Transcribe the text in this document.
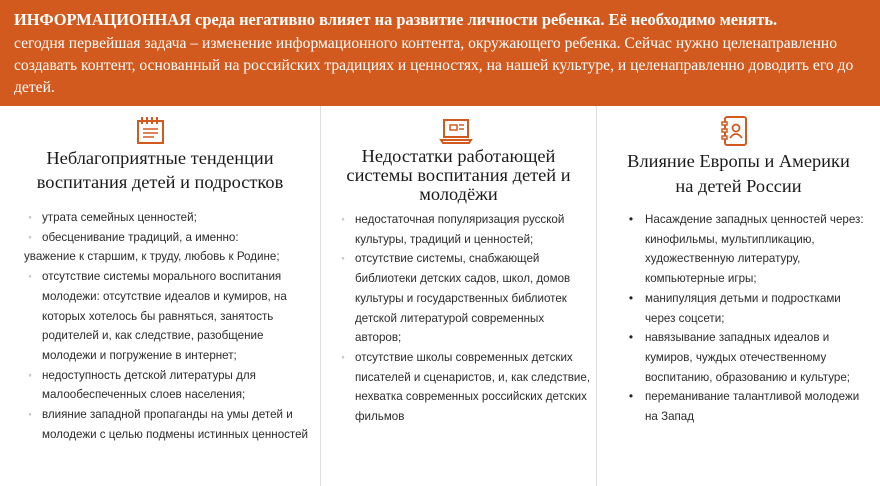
ИНФОРМАЦИОННАЯ среда негативно влияет на развитие личности ребенка. Её необходимо менять.
сегодня первейшая задача – изменение информационного контента, окружающего ребенка. Сейчас нужно целенаправленно создавать контент, основанный на российских традициях и ценностях, на нашей культуре, и целенаправленно доводить его до детей.
Неблагоприятные тенденции
воспитания детей и подростков
◦ утрата семейных ценностей;
◦ обесценивание традиций, а именно:
уважение к старшим, к труду, любовь к Родине;
◦ отсутствие системы морального воспитания молодежи: отсутствие идеалов и кумиров, на которых хотелось бы равняться, занятость родителей и, как следствие, разобщение молодежи и погружение в интернет;
◦ недоступность детской литературы для малообеспеченных слоев населения;
◦ влияние западной пропаганды на умы детей и молодежи с целью подмены истинных ценностей
Недостатки работающей
системы воспитания детей и
молодёжи
◦ недостаточная популяризация русской культуры, традиций и ценностей;
◦ отсутствие системы, снабжающей библиотеки детских садов, школ, домов культуры и государственных библиотек детской литературой современных авторов;
◦ отсутствие школы современных детских писателей и сценаристов, и, как следствие, нехватка современных российских детских фильмов
Влияние Европы и Америки
на детей России
• Насаждение западных ценностей через: кинофильмы, мультипликацию, художественную литературу, компьютерные игры;
• манипуляция детьми и подростками через соцсети;
• навязывание западных идеалов и кумиров, чуждых отечественному воспитанию, образованию и культуре;
• переманивание талантливой молодежи на Запад
